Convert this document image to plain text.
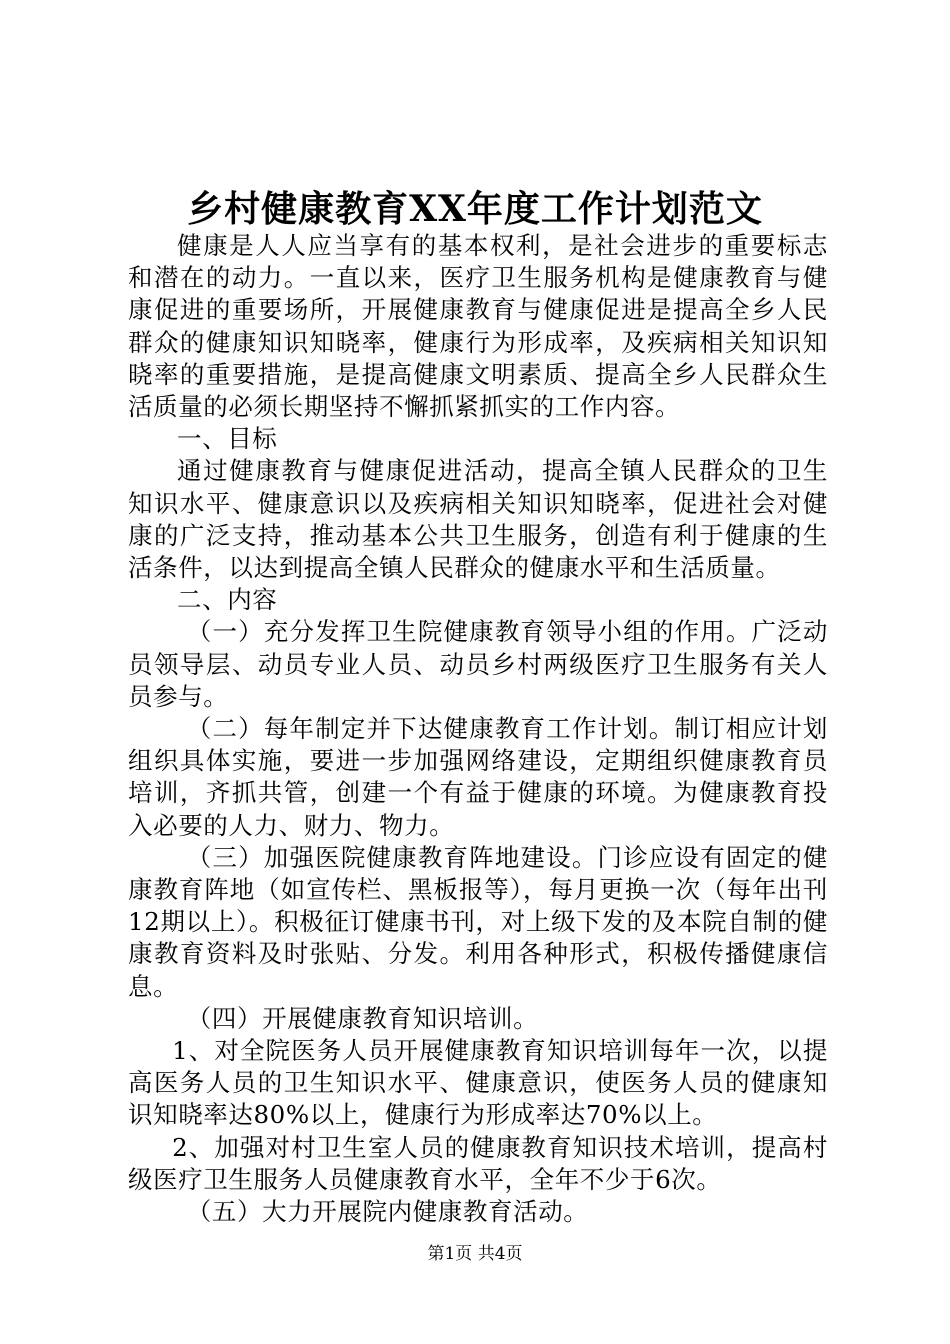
乡村健康教育XX年度工作计划范文

健康是人人应当享有的基本权利，是社会进步的重要标志和潜在的动力。一直以来，医疗卫生服务机构是健康教育与健康促进的重要场所，开展健康教育与健康促进是提高全乡人民群众的健康知识知晓率，健康行为形成率，及疾病相关知识知晓率的重要措施，是提高健康文明素质、提高全乡人民群众生活质量的必须长期坚持不懈抓紧抓实的工作内容。

一、目标

通过健康教育与健康促进活动，提高全镇人民群众的卫生知识水平、健康意识以及疾病相关知识知晓率，促进社会对健康的广泛支持，推动基本公共卫生服务，创造有利于健康的生活条件，以达到提高全镇人民群众的健康水平和生活质量。

二、内容

（一）充分发挥卫生院健康教育领导小组的作用。广泛动员领导层、动员专业人员、动员乡村两级医疗卫生服务有关人员参与。

（二）每年制定并下达健康教育工作计划。制订相应计划组织具体实施，要进一步加强网络建设，定期组织健康教育员培训，齐抓共管，创建一个有益于健康的环境。为健康教育投入必要的人力、财力、物力。

（三）加强医院健康教育阵地建设。门诊应设有固定的健康教育阵地（如宣传栏、黑板报等），每月更换一次（每年出刊12期以上）。积极征订健康书刊，对上级下发的及本院自制的健康教育资料及时张贴、分发。利用各种形式，积极传播健康信息。

（四）开展健康教育知识培训。

1、对全院医务人员开展健康教育知识培训每年一次，以提高医务人员的卫生知识水平、健康意识，使医务人员的健康知识知晓率达80%以上，健康行为形成率达70%以上。

2、加强对村卫生室人员的健康教育知识技术培训，提高村级医疗卫生服务人员健康教育水平，全年不少于6次。

（五）大力开展院内健康教育活动。

第1页 共4页
